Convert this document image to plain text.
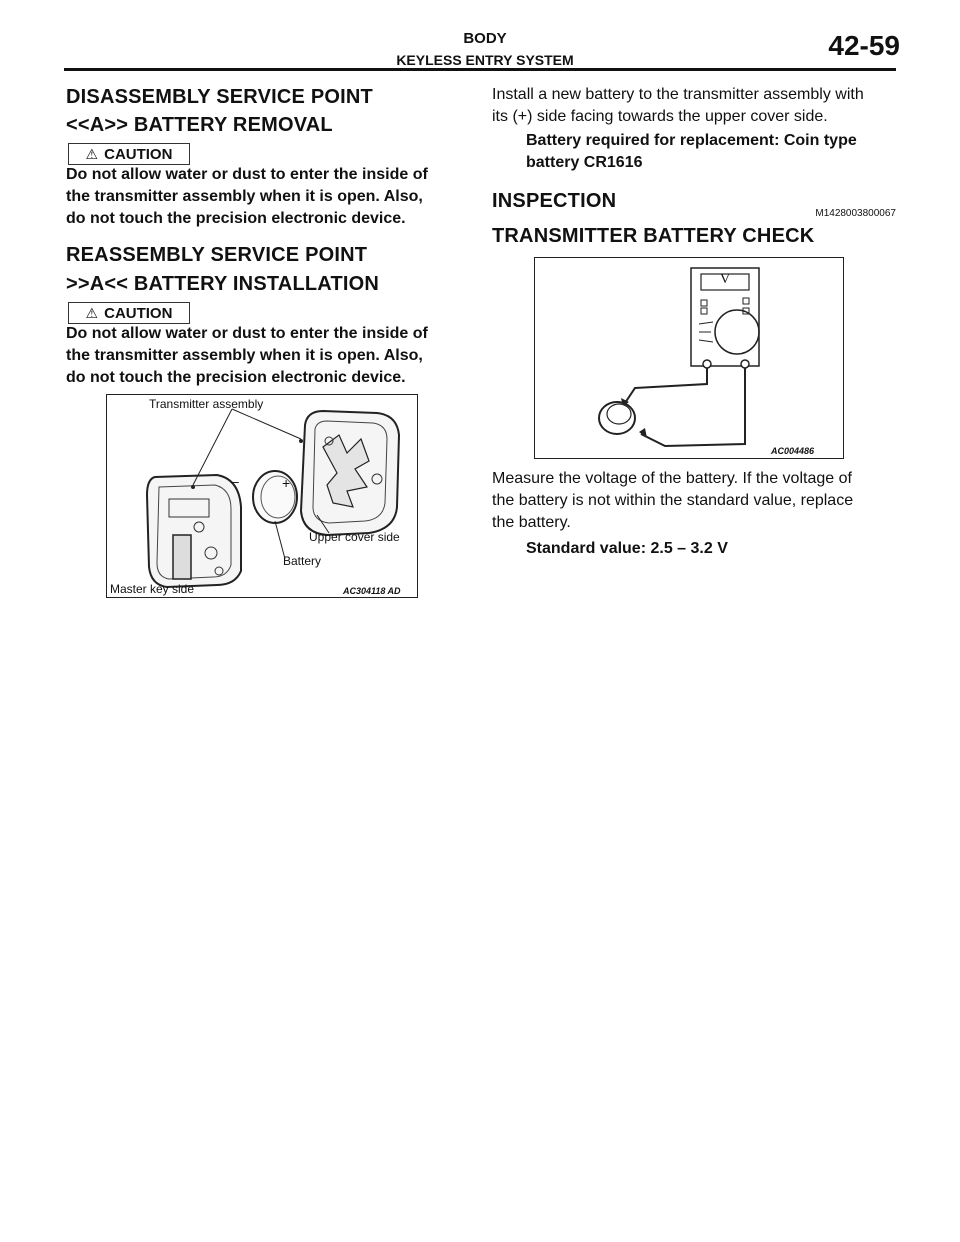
BODY
KEYLESS ENTRY SYSTEM	42-59
DISASSEMBLY SERVICE POINT
<<A>> BATTERY REMOVAL
⚠ CAUTION
Do not allow water or dust to enter the inside of
the transmitter assembly when it is open. Also,
do not touch the precision electronic device.
REASSEMBLY SERVICE POINT
>>A<< BATTERY INSTALLATION
⚠ CAUTION
Do not allow water or dust to enter the inside of
the transmitter assembly when it is open. Also,
do not touch the precision electronic device.
Transmitter assembly
–	+
Upper cover side
Battery
Master key side	AC304118 AD
Install a new battery to the transmitter assembly with
its (+) side facing towards the upper cover side.
Battery required for replacement: Coin type
battery CR1616
INSPECTION
M1428003800067
TRANSMITTER BATTERY CHECK
V
AC004486
Measure the voltage of the battery. If the voltage of
the battery is not within the standard value, replace
the battery.
Standard value: 2.5 – 3.2 V
